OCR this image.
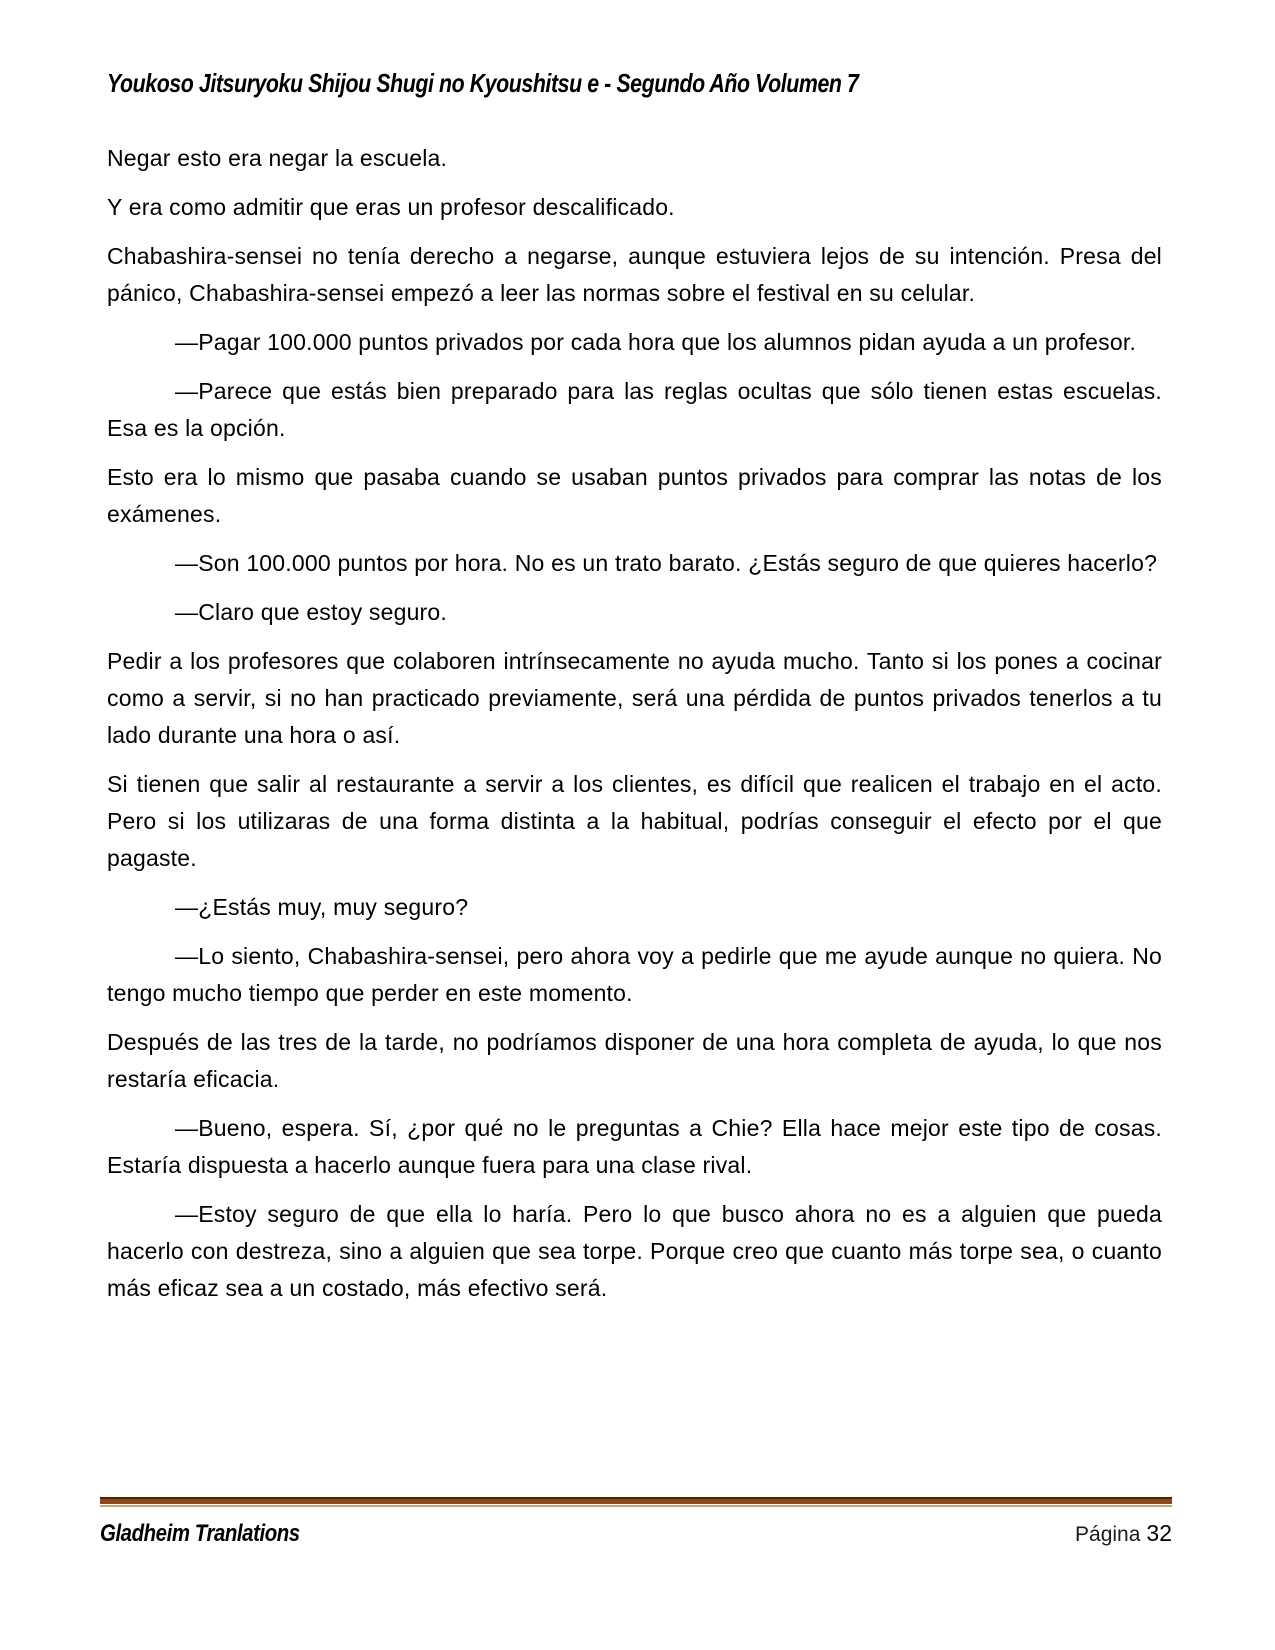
Youkoso Jitsuryoku Shijou Shugi no Kyoushitsu e - Segundo Año Volumen 7

Negar esto era negar la escuela.

Y era como admitir que eras un profesor descalificado.

Chabashira-sensei no tenía derecho a negarse, aunque estuviera lejos de su intención. Presa del pánico, Chabashira-sensei empezó a leer las normas sobre el festival en su celular.

—Pagar 100.000 puntos privados por cada hora que los alumnos pidan ayuda a un profesor.

—Parece que estás bien preparado para las reglas ocultas que sólo tienen estas escuelas. Esa es la opción.

Esto era lo mismo que pasaba cuando se usaban puntos privados para comprar las notas de los exámenes.

—Son 100.000 puntos por hora. No es un trato barato. ¿Estás seguro de que quieres hacerlo?

—Claro que estoy seguro.

Pedir a los profesores que colaboren intrínsecamente no ayuda mucho. Tanto si los pones a cocinar como a servir, si no han practicado previamente, será una pérdida de puntos privados tenerlos a tu lado durante una hora o así.

Si tienen que salir al restaurante a servir a los clientes, es difícil que realicen el trabajo en el acto. Pero si los utilizaras de una forma distinta a la habitual, podrías conseguir el efecto por el que pagaste.

—¿Estás muy, muy seguro?

—Lo siento, Chabashira-sensei, pero ahora voy a pedirle que me ayude aunque no quiera. No tengo mucho tiempo que perder en este momento.

Después de las tres de la tarde, no podríamos disponer de una hora completa de ayuda, lo que nos restaría eficacia.

—Bueno, espera. Sí, ¿por qué no le preguntas a Chie? Ella hace mejor este tipo de cosas. Estaría dispuesta a hacerlo aunque fuera para una clase rival.

—Estoy seguro de que ella lo haría. Pero lo que busco ahora no es a alguien que pueda hacerlo con destreza, sino a alguien que sea torpe. Porque creo que cuanto más torpe sea, o cuanto más eficaz sea a un costado, más efectivo será.

Gladheim Tranlations	Página 32
